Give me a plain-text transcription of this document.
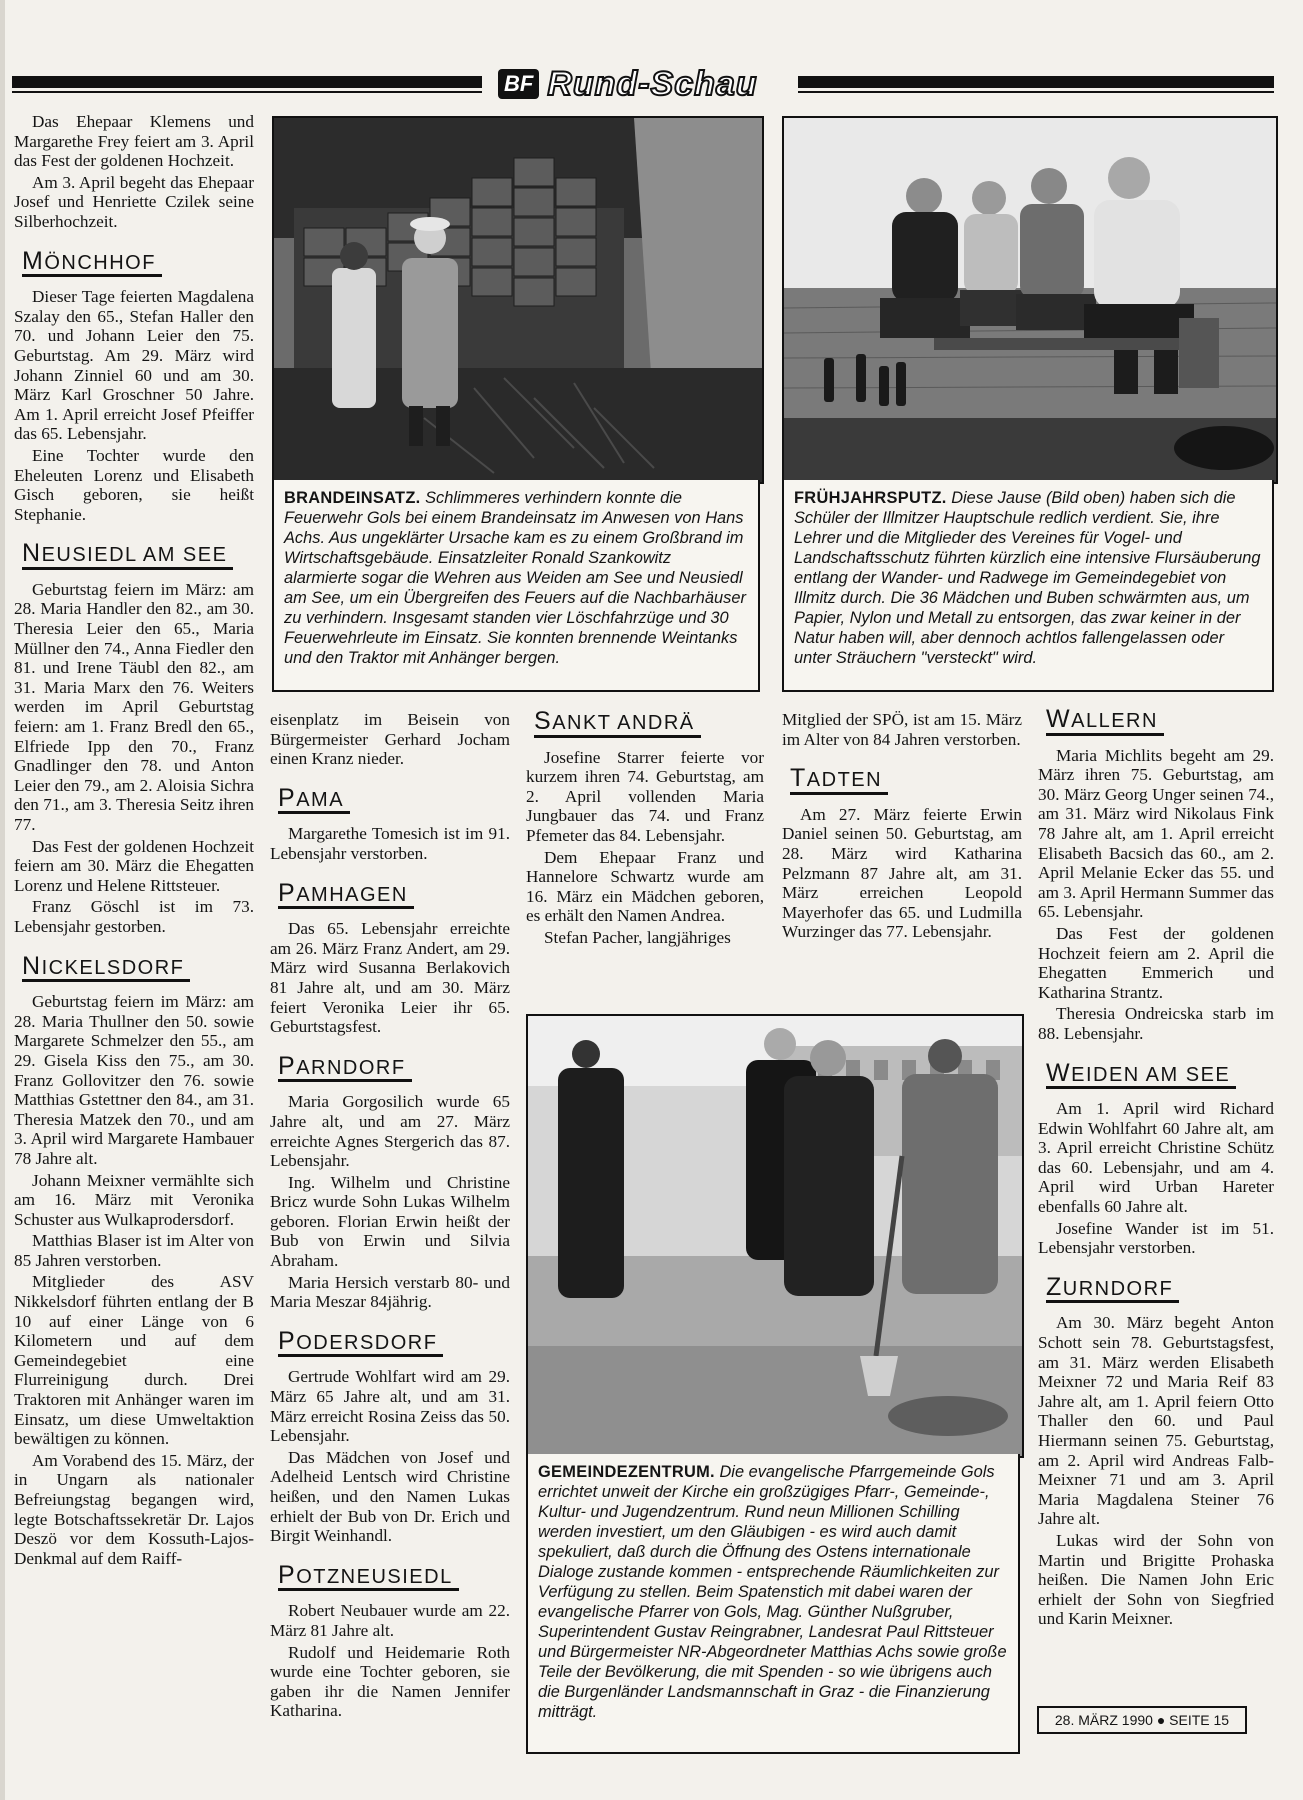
BF Rund-Schau

Das Ehepaar Klemens und Margarethe Frey feiert am 3. April das Fest der goldenen Hochzeit.

Am 3. April begeht das Ehepaar Josef und Henriette Czilek seine Silberhochzeit.

MÖNCHHOF

Dieser Tage feierten Magdalena Szalay den 65., Stefan Haller den 70. und Johann Leier den 75. Geburtstag. Am 29. März wird Johann Zinniel 60 und am 30. März Karl Groschner 50 Jahre. Am 1. April erreicht Josef Pfeiffer das 65. Lebensjahr.

Eine Tochter wurde den Eheleuten Lorenz und Elisabeth Gisch geboren, sie heißt Stephanie.

NEUSIEDL AM SEE

Geburtstag feiern im März: am 28. Maria Handler den 82., am 30. Theresia Leier den 65., Maria Müllner den 74., Anna Fiedler den 81. und Irene Täubl den 82., am 31. Maria Marx den 76. Weiters werden im April Geburtstag feiern: am 1. Franz Bredl den 65., Elfriede Ipp den 70., Franz Gnadlinger den 78. und Anton Leier den 79., am 2. Aloisia Sichra den 71., am 3. Theresia Seitz ihren 77.

Das Fest der goldenen Hochzeit feiern am 30. März die Ehegatten Lorenz und Helene Rittsteuer.

Franz Göschl ist im 73. Lebensjahr gestorben.

NICKELSDORF

Geburtstag feiern im März: am 28. Maria Thullner den 50. sowie Margarete Schmelzer den 55., am 29. Gisela Kiss den 75., am 30. Franz Gollovitzer den 76. sowie Matthias Gstettner den 84., am 31. Theresia Matzek den 70., und am 3. April wird Margarete Hambauer 78 Jahre alt.

Johann Meixner vermählte sich am 16. März mit Veronika Schuster aus Wulkaprodersdorf.

Matthias Blaser ist im Alter von 85 Jahren verstorben.

Mitglieder des ASV Nikkelsdorf führten entlang der B 10 auf einer Länge von 6 Kilometern und auf dem Gemeindegebiet eine Flurreinigung durch. Drei Traktoren mit Anhänger waren im Einsatz, um diese Umweltaktion bewältigen zu können.

Am Vorabend des 15. März, der in Ungarn als nationaler Befreiungstag begangen wird, legte Botschaftssekretär Dr. Lajos Deszö vor dem Kossuth-Lajos-Denkmal auf dem Raiff-

BRANDEINSATZ. Schlimmeres verhindern konnte die Feuerwehr Gols bei einem Brandeinsatz im Anwesen von Hans Achs. Aus ungeklärter Ursache kam es zu einem Großbrand im Wirtschaftsgebäude. Einsatzleiter Ronald Szankowitz alarmierte sogar die Wehren aus Weiden am See und Neusiedl am See, um ein Übergreifen des Feuers auf die Nachbarhäuser zu verhindern. Insgesamt standen vier Löschfahrzüge und 30 Feuerwehrleute im Einsatz. Sie konnten brennende Weintanks und den Traktor mit Anhänger bergen.
FRÜHJAHRSPUTZ. Diese Jause (Bild oben) haben sich die Schüler der Illmitzer Hauptschule redlich verdient. Sie, ihre Lehrer und die Mitglieder des Vereines für Vogel- und Landschaftsschutz führten kürzlich eine intensive Flursäuberung entlang der Wander- und Radwege im Gemeindegebiet von Illmitz durch. Die 36 Mädchen und Buben schwärmten aus, um Papier, Nylon und Metall zu entsorgen, das zwar keiner in der Natur haben will, aber dennoch achtlos fallengelassen oder unter Sträuchern "versteckt" wird.

eisenplatz im Beisein von Bürgermeister Gerhard Jocham einen Kranz nieder.

PAMA

Margarethe Tomesich ist im 91. Lebensjahr verstorben.

PAMHAGEN

Das 65. Lebensjahr erreichte am 26. März Franz Andert, am 29. März wird Susanna Berlakovich 81 Jahre alt, und am 30. März feiert Veronika Leier ihr 65. Geburtstagsfest.

PARNDORF

Maria Gorgosilich wurde 65 Jahre alt, und am 27. März erreichte Agnes Stergerich das 87. Lebensjahr.

Ing. Wilhelm und Christine Bricz wurde Sohn Lukas Wilhelm geboren. Florian Erwin heißt der Bub von Erwin und Silvia Abraham.

Maria Hersich verstarb 80- und Maria Meszar 84jährig.

PODERSDORF

Gertrude Wohlfart wird am 29. März 65 Jahre alt, und am 31. März erreicht Rosina Zeiss das 50. Lebensjahr.

Das Mädchen von Josef und Adelheid Lentsch wird Christine heißen, und den Namen Lukas erhielt der Bub von Dr. Erich und Birgit Weinhandl.

POTZNEUSIEDL

Robert Neubauer wurde am 22. März 81 Jahre alt.

Rudolf und Heidemarie Roth wurde eine Tochter geboren, sie gaben ihr die Namen Jennifer Katharina.

SANKT ANDRÄ

Josefine Starrer feierte vor kurzem ihren 74. Geburtstag, am 2. April vollenden Maria Jungbauer das 74. und Franz Pfemeter das 84. Lebensjahr.

Dem Ehepaar Franz und Hannelore Schwartz wurde am 16. März ein Mädchen geboren, es erhält den Namen Andrea.

Stefan Pacher, langjähriges

Mitglied der SPÖ, ist am 15. März im Alter von 84 Jahren verstorben.

TADTEN

Am 27. März feierte Erwin Daniel seinen 50. Geburtstag, am 28. März wird Katharina Pelzmann 87 Jahre alt, am 31. März erreichen Leopold Mayerhofer das 65. und Ludmilla Wurzinger das 77. Lebensjahr.

GEMEINDEZENTRUM. Die evangelische Pfarrgemeinde Gols errichtet unweit der Kirche ein großzügiges Pfarr-, Gemeinde-, Kultur- und Jugendzentrum. Rund neun Millionen Schilling werden investiert, um den Gläubigen - es wird auch damit spekuliert, daß durch die Öffnung des Ostens internationale Dialoge zustande kommen - entsprechende Räumlichkeiten zur Verfügung zu stellen. Beim Spatenstich mit dabei waren der evangelische Pfarrer von Gols, Mag. Günther Nußgruber, Superintendent Gustav Reingrabner, Landesrat Paul Rittsteuer und Bürgermeister NR-Abgeordneter Matthias Achs sowie große Teile der Bevölkerung, die mit Spenden - so wie übrigens auch die Burgenländer Landsmannschaft in Graz - die Finanzierung mitträgt.
WALLERN

Maria Michlits begeht am 29. März ihren 75. Geburtstag, am 30. März Georg Unger seinen 74., am 31. März wird Nikolaus Fink 78 Jahre alt, am 1. April erreicht Elisabeth Bacsich das 60., am 2. April Melanie Ecker das 55. und am 3. April Hermann Summer das 65. Lebensjahr.

Das Fest der goldenen Hochzeit feiern am 2. April die Ehegatten Emmerich und Katharina Strantz.

Theresia Ondreicska starb im 88. Lebensjahr.

WEIDEN AM SEE

Am 1. April wird Richard Edwin Wohlfahrt 60 Jahre alt, am 3. April erreicht Christine Schütz das 60. Lebensjahr, und am 4. April wird Urban Hareter ebenfalls 60 Jahre alt.

Josefine Wander ist im 51. Lebensjahr verstorben.

ZURNDORF

Am 30. März begeht Anton Schott sein 78. Geburtstagsfest, am 31. März werden Elisabeth Meixner 72 und Maria Reif 83 Jahre alt, am 1. April feiern Otto Thaller den 60. und Paul Hiermann seinen 75. Geburtstag, am 2. April wird Andreas Falb-Meixner 71 und am 3. April Maria Magdalena Steiner 76 Jahre alt.

Lukas wird der Sohn von Martin und Brigitte Prohaska heißen. Die Namen John Eric erhielt der Sohn von Siegfried und Karin Meixner.

28. MÄRZ 1990 ● SEITE 15
